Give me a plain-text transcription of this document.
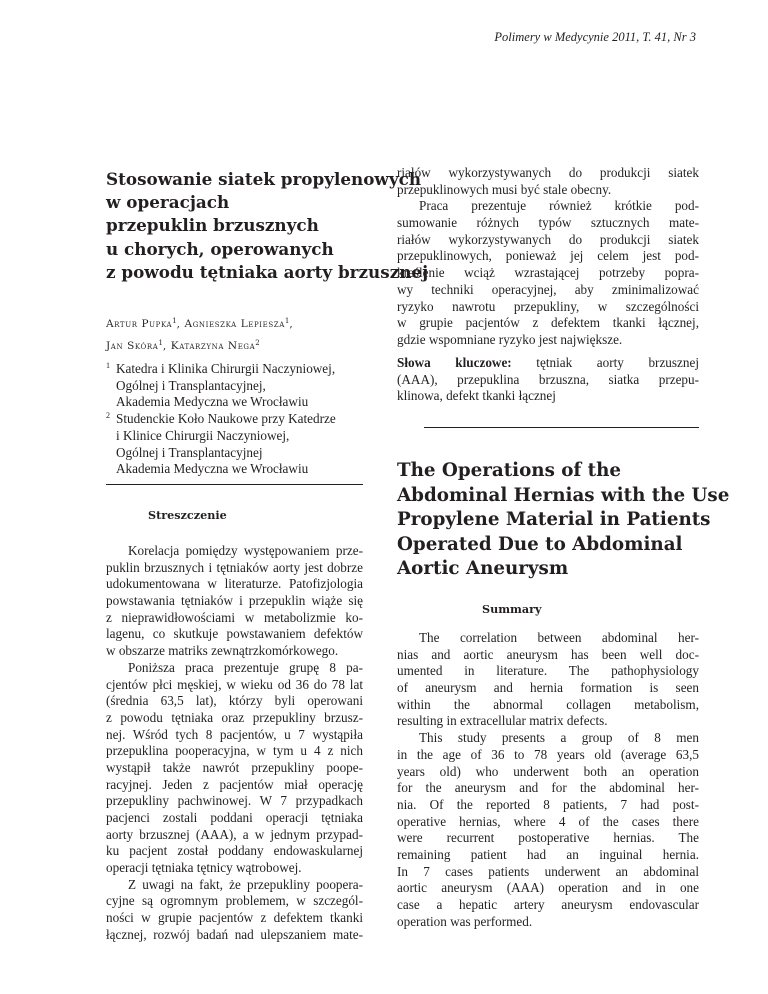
Polimery w Medycynie 2011, T. 41, Nr 3
Stosowanie siatek propylenowych
w operacjach
przepuklin brzusznych
u chorych, operowanych
z powodu tętniaka aorty brzusznej
Artur Pupka$^1$, Agnieszka Lepiesza$^1$,
Jan Skóra$^1$, Katarzyna Nega$^2$
1 Katedra i Klinika Chirurgii Naczyniowej,
Ogólnej i Transplantacyjnej,
Akademia Medyczna we Wrocławiu
2 Studenckie Koło Naukowe przy Katedrze
i Klinice Chirurgii Naczyniowej,
Ogólnej i Transplantacyjnej
Akademia Medyczna we Wrocławiu
Streszczenie
Korelacja pomiędzy występowaniem prze-
puklin brzusznych i tętniaków aorty jest dobrze
udokumentowana w literaturze. Patofizjologia
powstawania tętniaków i przepuklin wiąże się
z nieprawidłowościami w metabolizmie ko-
lagenu, co skutkuje powstawaniem defektów
w obszarze matriks zewnątrzkomórkowego.
Poniższa praca prezentuje grupę 8 pa-
cjentów płci męskiej, w wieku od 36 do 78 lat
(średnia 63,5 lat), którzy byli operowani
z powodu tętniaka oraz przepukliny brzusz-
nej. Wśród tych 8 pacjentów, u 7 wystąpiła
przepuklina pooperacyjna, w tym u 4 z nich
wystąpił także nawrót przepukliny poope-
racyjnej. Jeden z pacjentów miał operację
przepukliny pachwinowej. W 7 przypadkach
pacjenci zostali poddani operacji tętniaka
aorty brzusznej (AAA), a w jednym przypad-
ku pacjent został poddany endowaskularnej
operacji tętniaka tętnicy wątrobowej.
Z uwagi na fakt, że przepukliny poopera-
cyjne są ogromnym problemem, w szczegól-
ności w grupie pacjentów z defektem tkanki
łącznej, rozwój badań nad ulepszaniem mate-
riałów wykorzystywanych do produkcji siatek
przepuklinowych musi być stale obecny.
Praca prezentuje również krótkie pod-
sumowanie różnych typów sztucznych mate-
riałów wykorzystywanych do produkcji siatek
przepuklinowych, ponieważ jej celem jest pod-
kreślenie wciąż wzrastającej potrzeby popra-
wy techniki operacyjnej, aby zminimalizować
ryzyko nawrotu przepukliny, w szczególności
w grupie pacjentów z defektem tkanki łącznej,
gdzie wspomniane ryzyko jest największe.
Słowa kluczowe: tętniak aorty brzusznej
(AAA), przepuklina brzuszna, siatka przepu-
klinowa, defekt tkanki łącznej
The Operations of the
Abdominal Hernias with the Use
Propylene Material in Patients
Operated Due to Abdominal
Aortic Aneurysm
Summary
The correlation between abdominal her-
nias and aortic aneurysm has been well doc-
umented in literature. The pathophysiology
of aneurysm and hernia formation is seen
within the abnormal collagen metabolism,
resulting in extracellular matrix defects.
This study presents a group of 8 men
in the age of 36 to 78 years old (average 63,5
years old) who underwent both an operation
for the aneurysm and for the abdominal her-
nia. Of the reported 8 patients, 7 had post-
operative hernias, where 4 of the cases there
were recurrent postoperative hernias. The
remaining patient had an inguinal hernia.
In 7 cases patients underwent an abdominal
aortic aneurysm (AAA) operation and in one
case a hepatic artery aneurysm endovascular
operation was performed.
